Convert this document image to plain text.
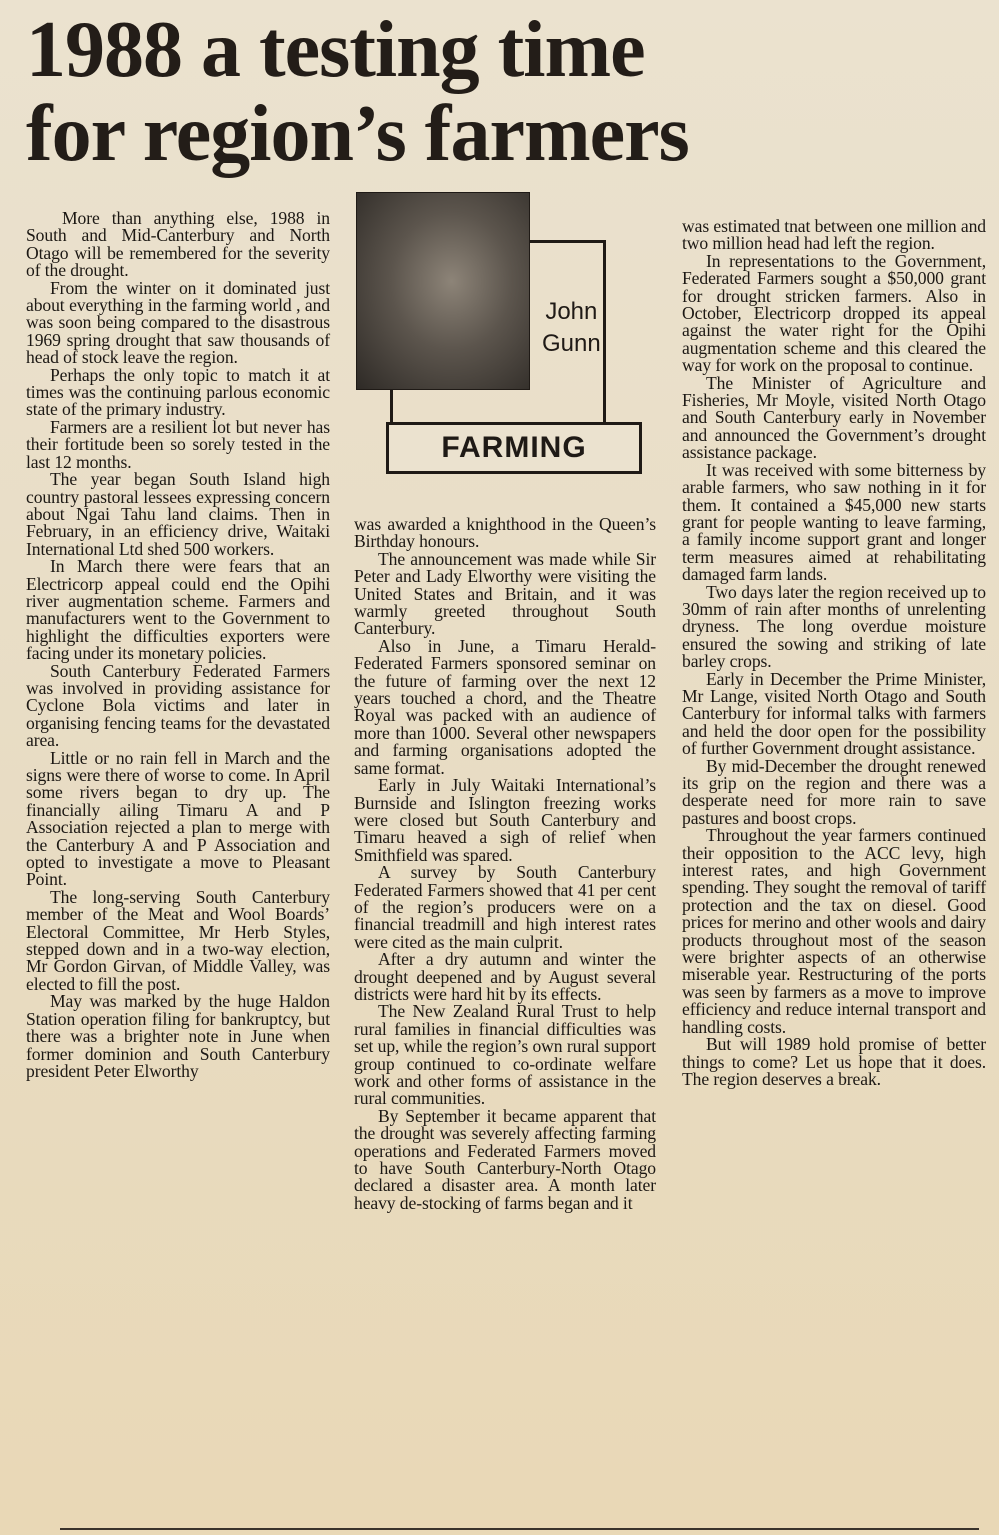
1988 a testing time
for region’s farmers
John
Gunn
FARMING

More than anything else, 1988 in South and Mid-Canterbury and North Otago will be remembered for the severity of the drought.

From the winter on it dominated just about everything in the farming world , and was soon being compared to the disastrous 1969 spring drought that saw thousands of head of stock leave the region.

Perhaps the only topic to match it at times was the continuing parlous economic state of the primary industry.

Farmers are a resilient lot but never has their fortitude been so sorely tested in the last 12 months.

The year began South Island high country pastoral lessees expressing concern about Ngai Tahu land claims. Then in February, in an efficiency drive, Waitaki International Ltd shed 500 workers.

In March there were fears that an Electricorp appeal could end the Opihi river augmentation scheme. Farmers and manufacturers went to the Government to highlight the difficulties exporters were facing under its monetary policies.

South Canterbury Federated Farmers was involved in providing assistance for Cyclone Bola victims and later in organising fencing teams for the devastated area.

Little or no rain fell in March and the signs were there of worse to come. In April some rivers began to dry up. The financially ailing Timaru A and P Association rejected a plan to merge with the Canterbury A and P Association and opted to investigate a move to Pleasant Point.

The long-serving South Canterbury member of the Meat and Wool Boards’ Electoral Committee, Mr Herb Styles, stepped down and in a two-way election, Mr Gordon Girvan, of Middle Valley, was elected to fill the post.

May was marked by the huge Haldon Station operation filing for bankruptcy, but there was a brighter note in June when former dominion and South Canterbury president Peter Elworthy

was awarded a knighthood in the Queen’s Birthday honours.

The announcement was made while Sir Peter and Lady Elworthy were visiting the United States and Britain, and it was warmly greeted throughout South Canterbury.

Also in June, a Timaru Herald-Federated Farmers sponsored seminar on the future of farming over the next 12 years touched a chord, and the Theatre Royal was packed with an audience of more than 1000. Several other newspapers and farming organisations adopted the same format.

Early in July Waitaki International’s Burnside and Islington freezing works were closed but South Canterbury and Timaru heaved a sigh of relief when Smithfield was spared.

A survey by South Canterbury Federated Farmers showed that 41 per cent of the region’s producers were on a financial treadmill and high interest rates were cited as the main culprit.

After a dry autumn and winter the drought deepened and by August several districts were hard hit by its effects.

The New Zealand Rural Trust to help rural families in financial difficulties was set up, while the region’s own rural support group continued to co-ordinate welfare work and other forms of assistance in the rural communities.

By September it became apparent that the drought was severely affecting farming operations and Federated Farmers moved to have South Canterbury-North Otago declared a disaster area. A month later heavy de-stocking of farms began and it

was estimated tnat between one million and two million head had left the region.

In representations to the Government, Federated Farmers sought a $50,000 grant for drought stricken farmers. Also in October, Electricorp dropped its appeal against the water right for the Opihi augmentation scheme and this cleared the way for work on the proposal to continue.

The Minister of Agriculture and Fisheries, Mr Moyle, visited North Otago and South Canterbury early in November and announced the Government’s drought assistance package.

It was received with some bitterness by arable farmers, who saw nothing in it for them. It contained a $45,000 new starts grant for people wanting to leave farming, a family income support grant and longer term measures aimed at rehabilitating damaged farm lands.

Two days later the region received up to 30mm of rain after months of unrelenting dryness. The long overdue moisture ensured the sowing and striking of late barley crops.

Early in December the Prime Minister, Mr Lange, visited North Otago and South Canterbury for informal talks with farmers and held the door open for the possibility of further Government drought assistance.

By mid-December the drought renewed its grip on the region and there was a desperate need for more rain to save pastures and boost crops.

Throughout the year farmers continued their opposition to the ACC levy, high interest rates, and high Government spending. They sought the removal of tariff protection and the tax on diesel. Good prices for merino and other wools and dairy products throughout most of the season were brighter aspects of an otherwise miserable year. Restructuring of the ports was seen by farmers as a move to improve efficiency and reduce internal transport and handling costs.

But will 1989 hold promise of better things to come? Let us hope that it does. The region deserves a break.
